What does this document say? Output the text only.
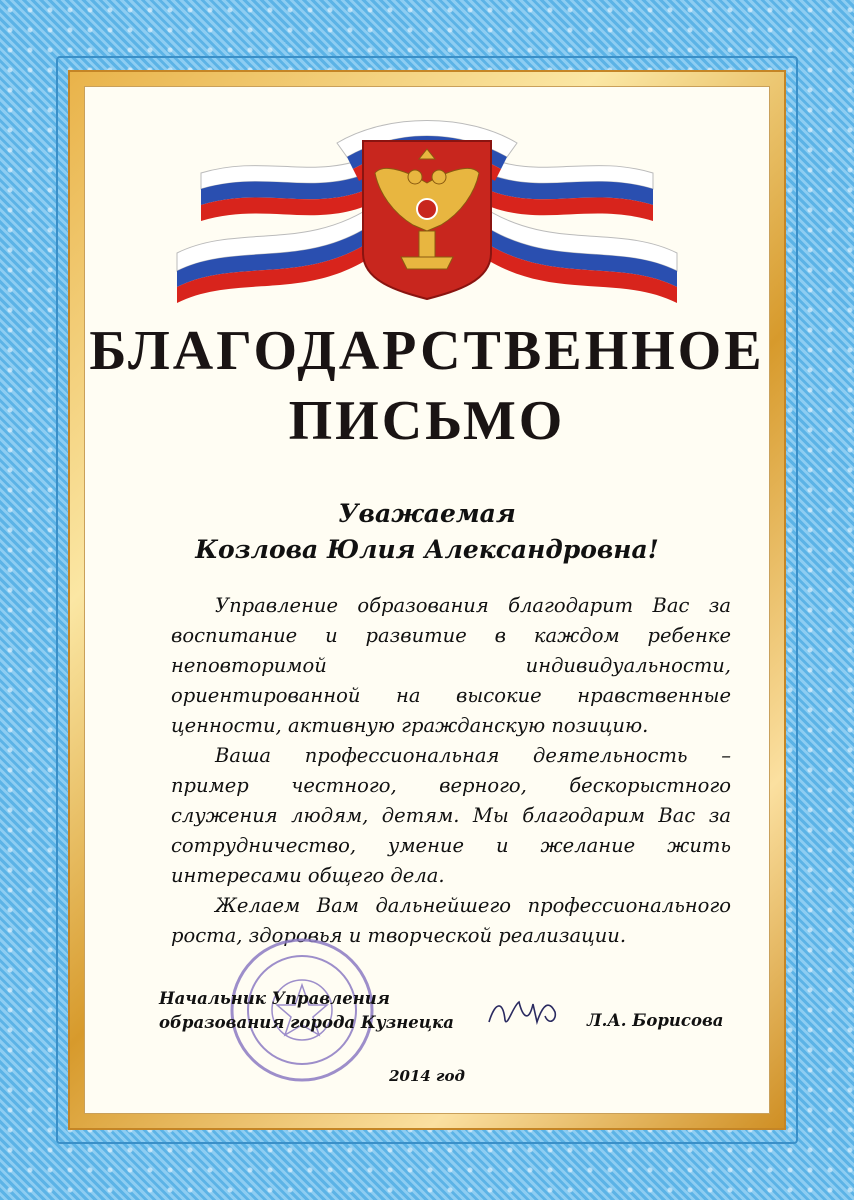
БЛАГОДАРСТВЕННОЕ
ПИСЬМО
Уважаемая
Козлова Юлия Александровна!

Управление образования благодарит Вас за воспитание и развитие в каждом ребенке неповторимой индивидуальности, ориентированной на высокие нравственные ценности, активную гражданскую позицию.

Ваша профессиональная деятельность – пример честного, верного, бескорыстного служения людям, детям. Мы благодарим Вас за сотрудничество, умение и желание жить интересами общего дела.

Желаем Вам дальнейшего профессионального роста, здоровья и творческой реализации.

Начальник Управления
образования города Кузнецка	Л.А. Борисова
2014 год
